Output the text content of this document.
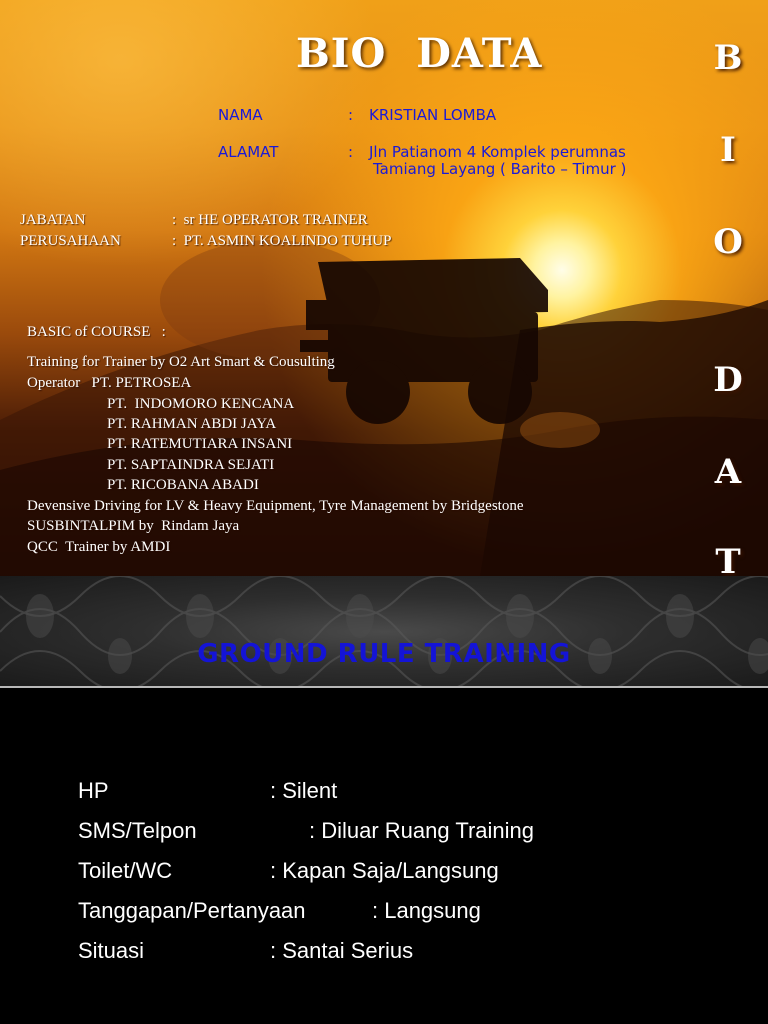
BIO  DATA	B
I
O
D
A
T
NAMA	: KRISTIAN LOMBA
ALAMAT	: Jln Patianom 4 Komplek perumnas
Tamiang Layang ( Barito – Timur )
JABATAN	:  sr HE OPERATOR TRAINER
PERUSAHAAN	:  PT. ASMIN KOALINDO TUHUP
BASIC of COURSE   :
Training for Trainer by O2 Art Smart & Cousulting
Operator   PT. PETROSEA
PT.  INDOMORO KENCANA
PT. RAHMAN ABDI JAYA
PT. RATEMUTIARA INSANI
PT. SAPTAINDRA SEJATI
PT. RICOBANA ABADI
Devensive Driving for LV & Heavy Equipment, Tyre Management by Bridgestone
SUSBINTALPIM by  Rindam Jaya
QCC  Trainer by AMDI
GROUND RULE TRAINING
HP	: Silent
SMS/Telpon	: Diluar Ruang Training
Toilet/WC	: Kapan Saja/Langsung
Tanggapan/Pertanyaan	: Langsung
Situasi	: Santai Serius
